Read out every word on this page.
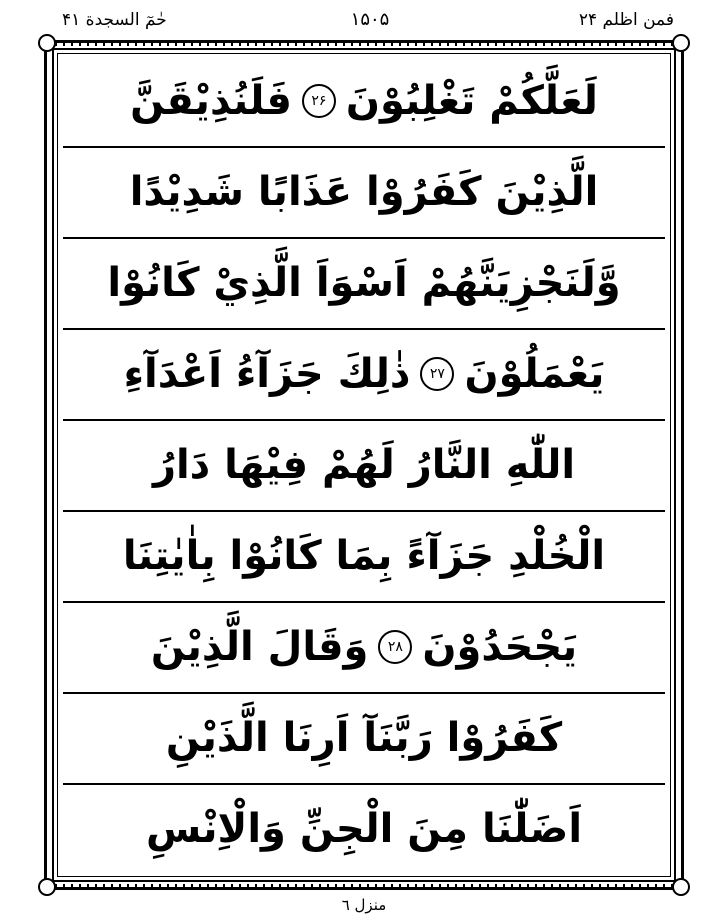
حٰمٓ السجدة ۴۱	۱۵۰۵	فمن اظلم ۲۴
لَعَلَّكُمْ تَغْلِبُوْنَ
۲۶
فَلَنُذِيْقَنَّ
الَّذِيْنَ كَفَرُوْا عَذَابًا شَدِيْدًا
وَّلَنَجْزِيَنَّهُمْ اَسْوَاَ الَّذِيْ كَانُوْا
يَعْمَلُوْنَ
۲۷
ذٰلِكَ جَزَآءُ اَعْدَآءِ
اللّٰهِ النَّارُ لَهُمْ فِيْهَا دَارُ
الْخُلْدِ جَزَآءً بِمَا كَانُوْا بِاٰيٰتِنَا
يَجْحَدُوْنَ
۲۸
وَقَالَ الَّذِيْنَ
كَفَرُوْا رَبَّنَآ اَرِنَا الَّذَيْنِ
اَضَلّٰنَا مِنَ الْجِنِّ وَالْاِنْسِ
منزل ٦
